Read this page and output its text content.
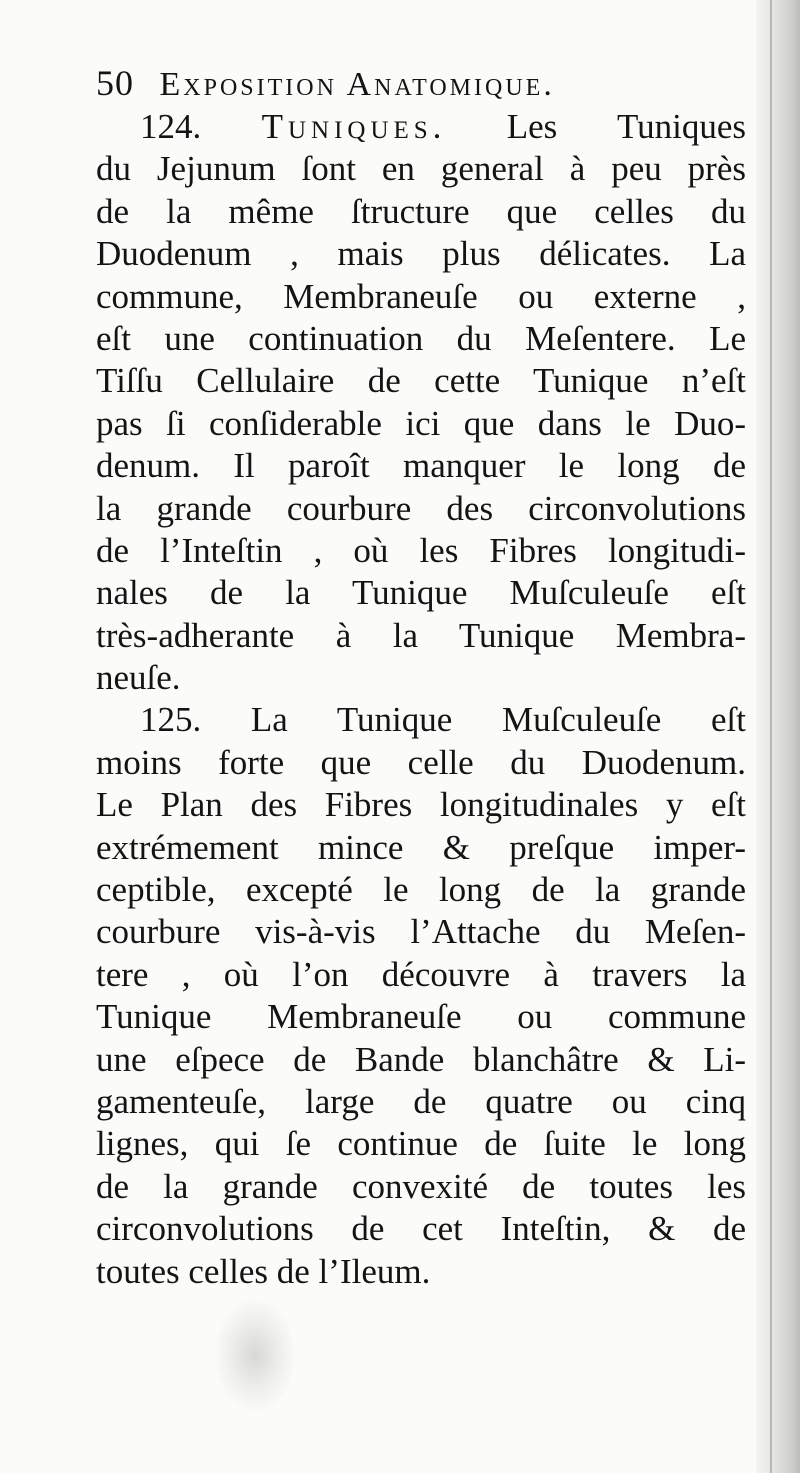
50 Exposition Anatomique.
124. Tuniques. Les Tuniques
du Jejunum ſont en general à peu près
de la même ſtructure que celles du
Duodenum , mais plus délicates. La
commune, Membraneuſe ou externe ,
eſt une continuation du Meſentere. Le
Tiſſu Cellulaire de cette Tunique n’eſt
pas ſi conſiderable ici que dans le Duo-
denum. Il paroît manquer le long de
la grande courbure des circonvolutions
de l’Inteſtin , où les Fibres longitudi-
nales de la Tunique Muſculeuſe eſt
très-adherante à la Tunique Membra-
neuſe.
125. La Tunique Muſculeuſe eſt
moins forte que celle du Duodenum.
Le Plan des Fibres longitudinales y eſt
extrémement mince & preſque imper-
ceptible, excepté le long de la grande
courbure vis-à-vis l’Attache du Meſen-
tere , où l’on découvre à travers la
Tunique Membraneuſe ou commune
une eſpece de Bande blanchâtre & Li-
gamenteuſe, large de quatre ou cinq
lignes, qui ſe continue de ſuite le long
de la grande convexité de toutes les
circonvolutions de cet Inteſtin, & de
toutes celles de l’Ileum.
